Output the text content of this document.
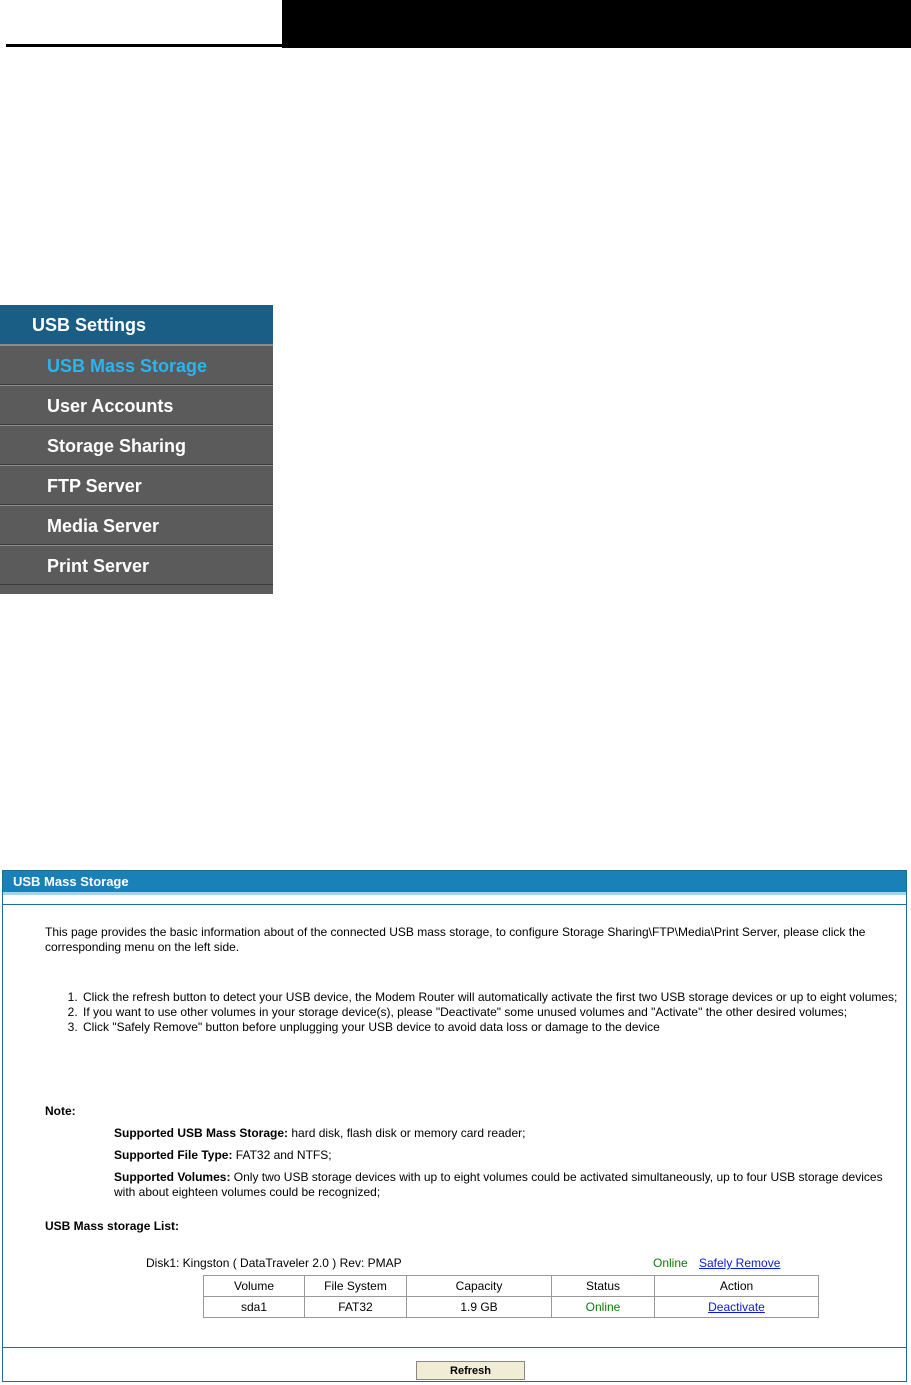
USB Settings
USB Mass Storage
User Accounts
Storage Sharing
FTP Server
Media Server
Print Server
USB Mass Storage
This page provides the basic information about of the connected USB mass storage, to configure Storage Sharing\FTP\Media\Print Server, please click the corresponding menu on the left side.
1. Click the refresh button to detect your USB device, the Modem Router will automatically activate the first two USB storage devices or up to eight volumes;
2. If you want to use other volumes in your storage device(s), please "Deactivate" some unused volumes and "Activate" the other desired volumes;
3. Click "Safely Remove" button before unplugging your USB device to avoid data loss or damage to the device
Note:
Supported USB Mass Storage: hard disk, flash disk or memory card reader;
Supported File Type: FAT32 and NTFS;
Supported Volumes: Only two USB storage devices with up to eight volumes could be activated simultaneously, up to four USB storage devices with about eighteen volumes could be recognized;
USB Mass storage List:
Disk1: Kingston ( DataTraveler 2.0 ) Rev: PMAP	Online Safely Remove
Volume	File System	Capacity	Status	Action
sda1	FAT32	1.9 GB	Online	Deactivate
Refresh
